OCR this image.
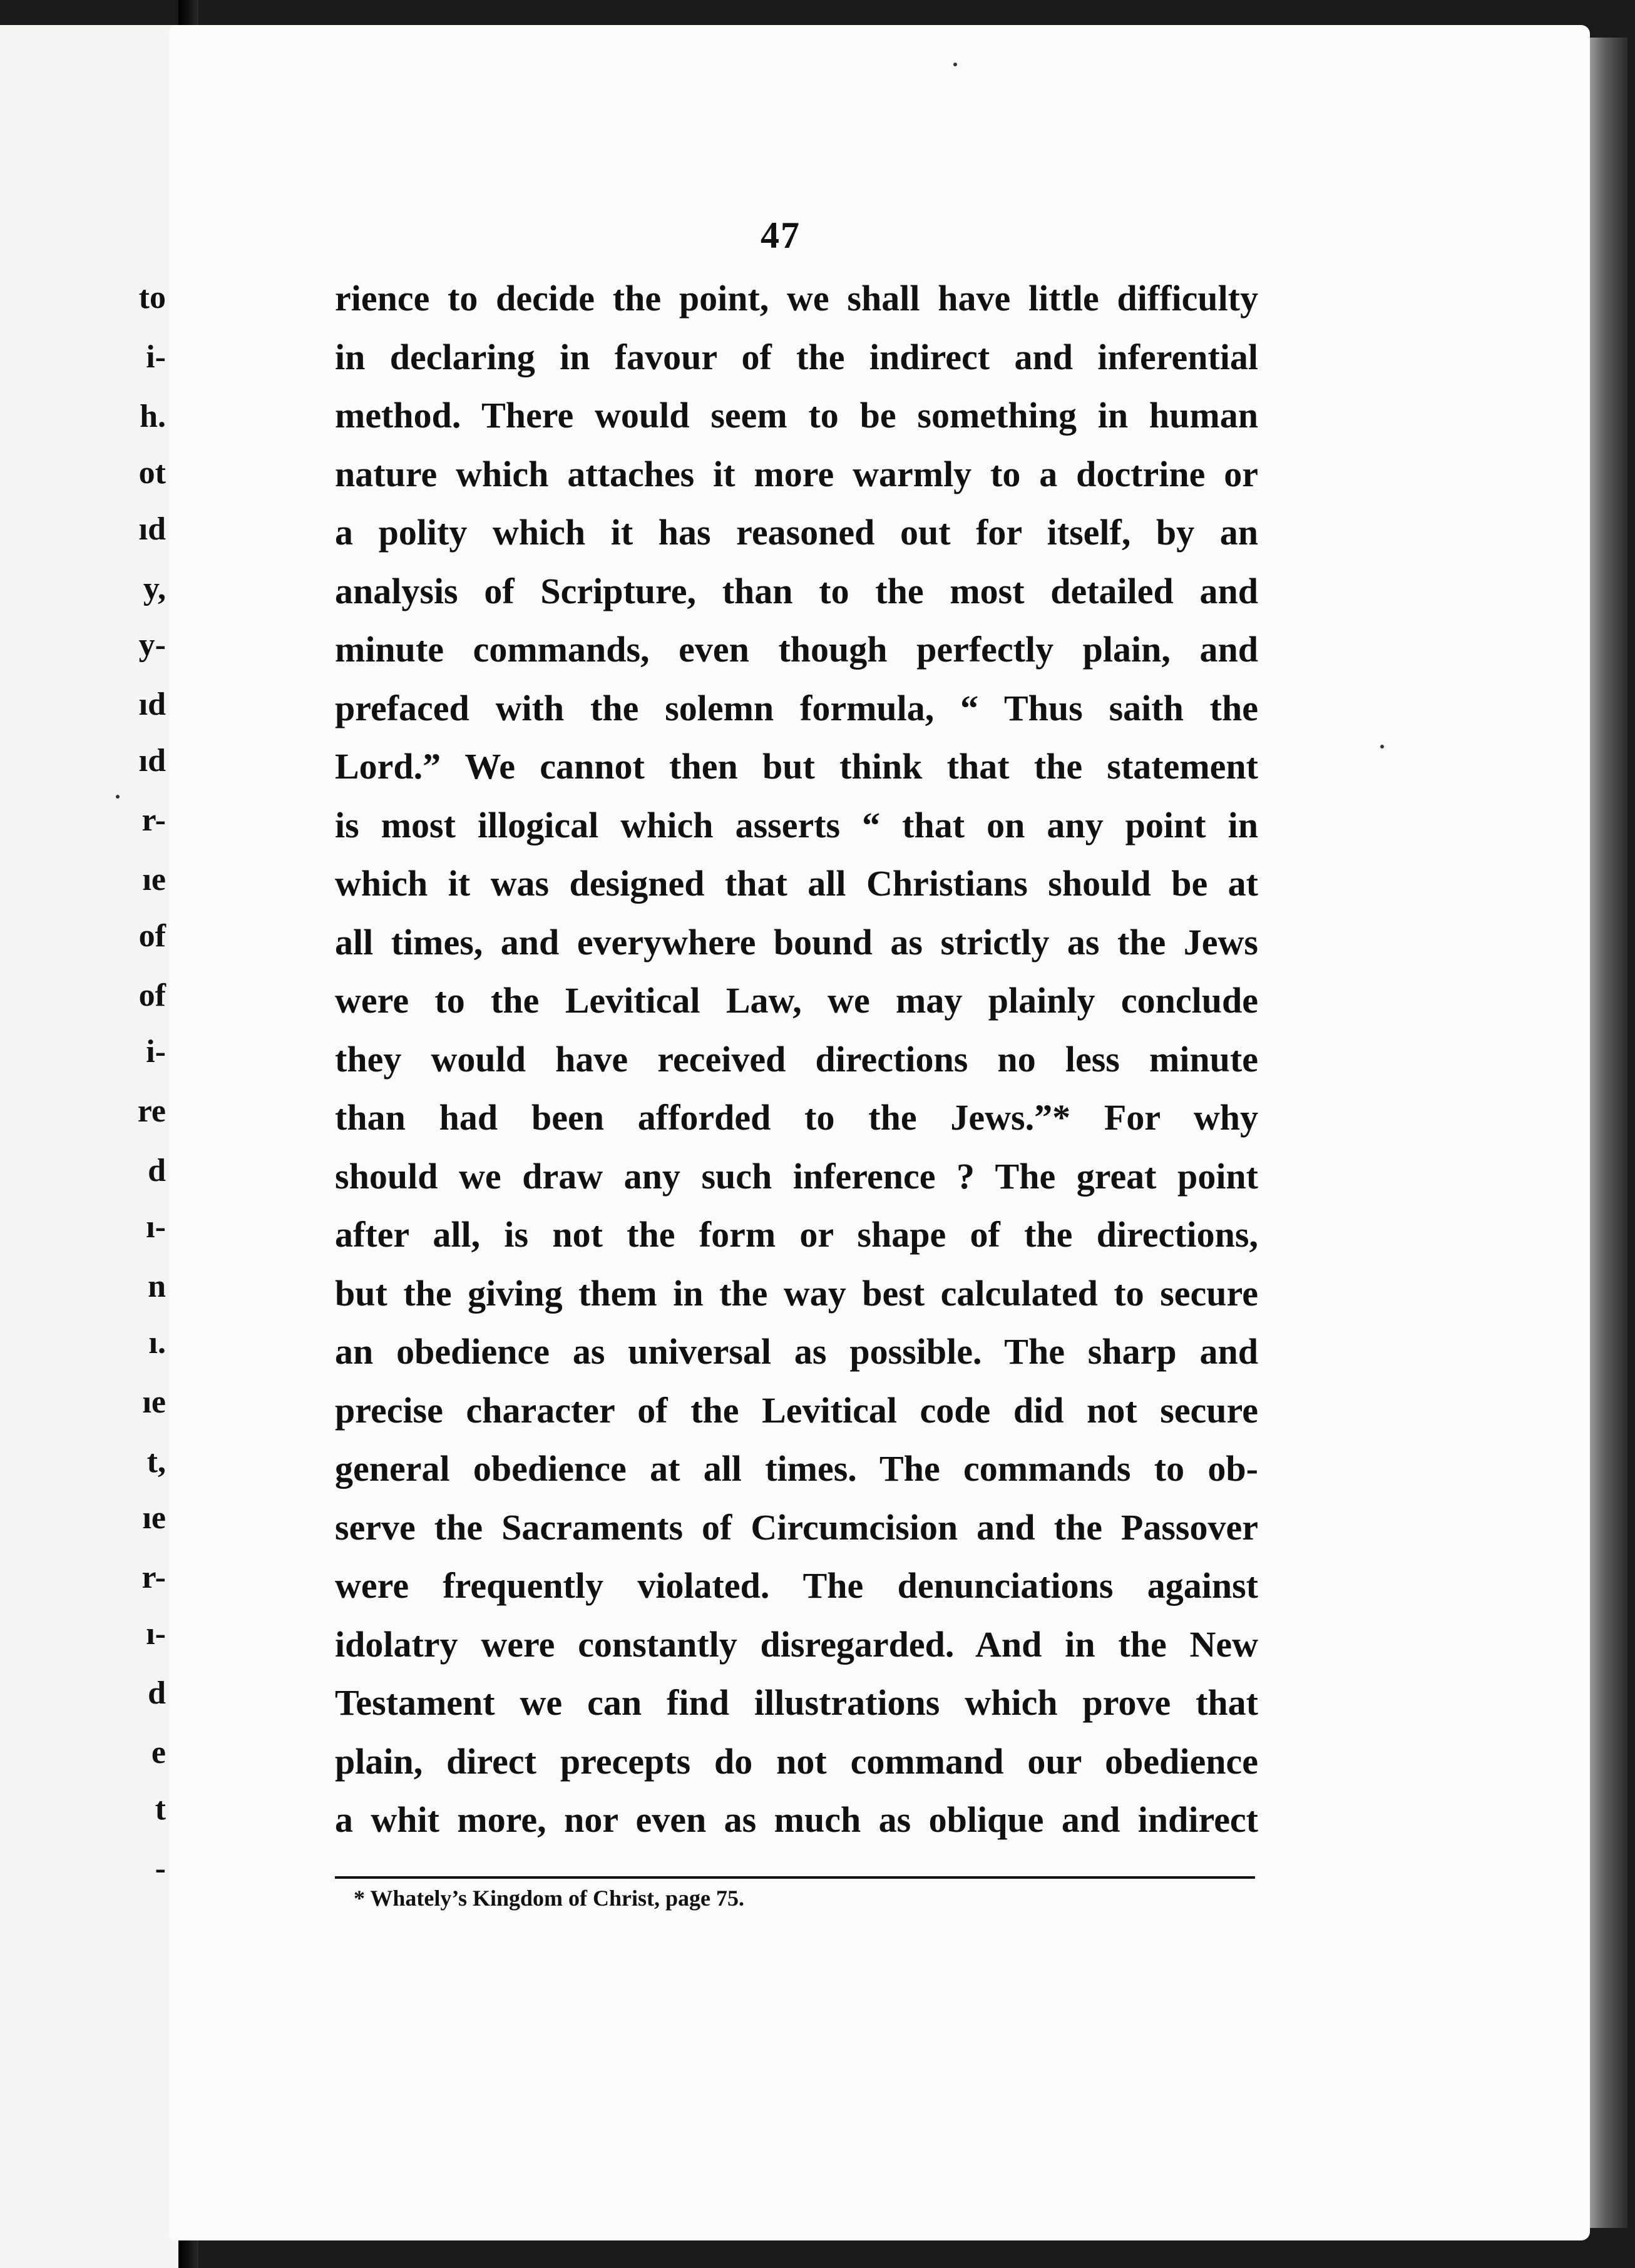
to
i-
h.
ot
ıd
y,
y-
ıd
ıd
r-
ıe
of
of
i-
re
d
ı-
n
ı.
ıe
t,
ıe
r-
ı-
d
e
t
-
47
rience to decide the point, we shall have little difficulty
in declaring in favour of the indirect and inferential
method. There would seem to be something in human
nature which attaches it more warmly to a doctrine or
a polity which it has reasoned out for itself, by an
analysis of Scripture, than to the most detailed and
minute commands, even though perfectly plain, and
prefaced with the solemn formula, “ Thus saith the
Lord.” We cannot then but think that the statement
is most illogical which asserts “ that on any point in
which it was designed that all Christians should be at
all times, and everywhere bound as strictly as the Jews
were to the Levitical Law, we may plainly conclude
they would have received directions no less minute
than had been afforded to the Jews.”* For why
should we draw any such inference ? The great point
after all, is not the form or shape of the directions,
but the giving them in the way best calculated to secure
an obedience as universal as possible. The sharp and
precise character of the Levitical code did not secure
general obedience at all times. The commands to ob-
serve the Sacraments of Circumcision and the Passover
were frequently violated. The denunciations against
idolatry were constantly disregarded. And in the New
Testament we can find illustrations which prove that
plain, direct precepts do not command our obedience
a whit more, nor even as much as oblique and indirect
* Whately’s Kingdom of Christ, page 75.
